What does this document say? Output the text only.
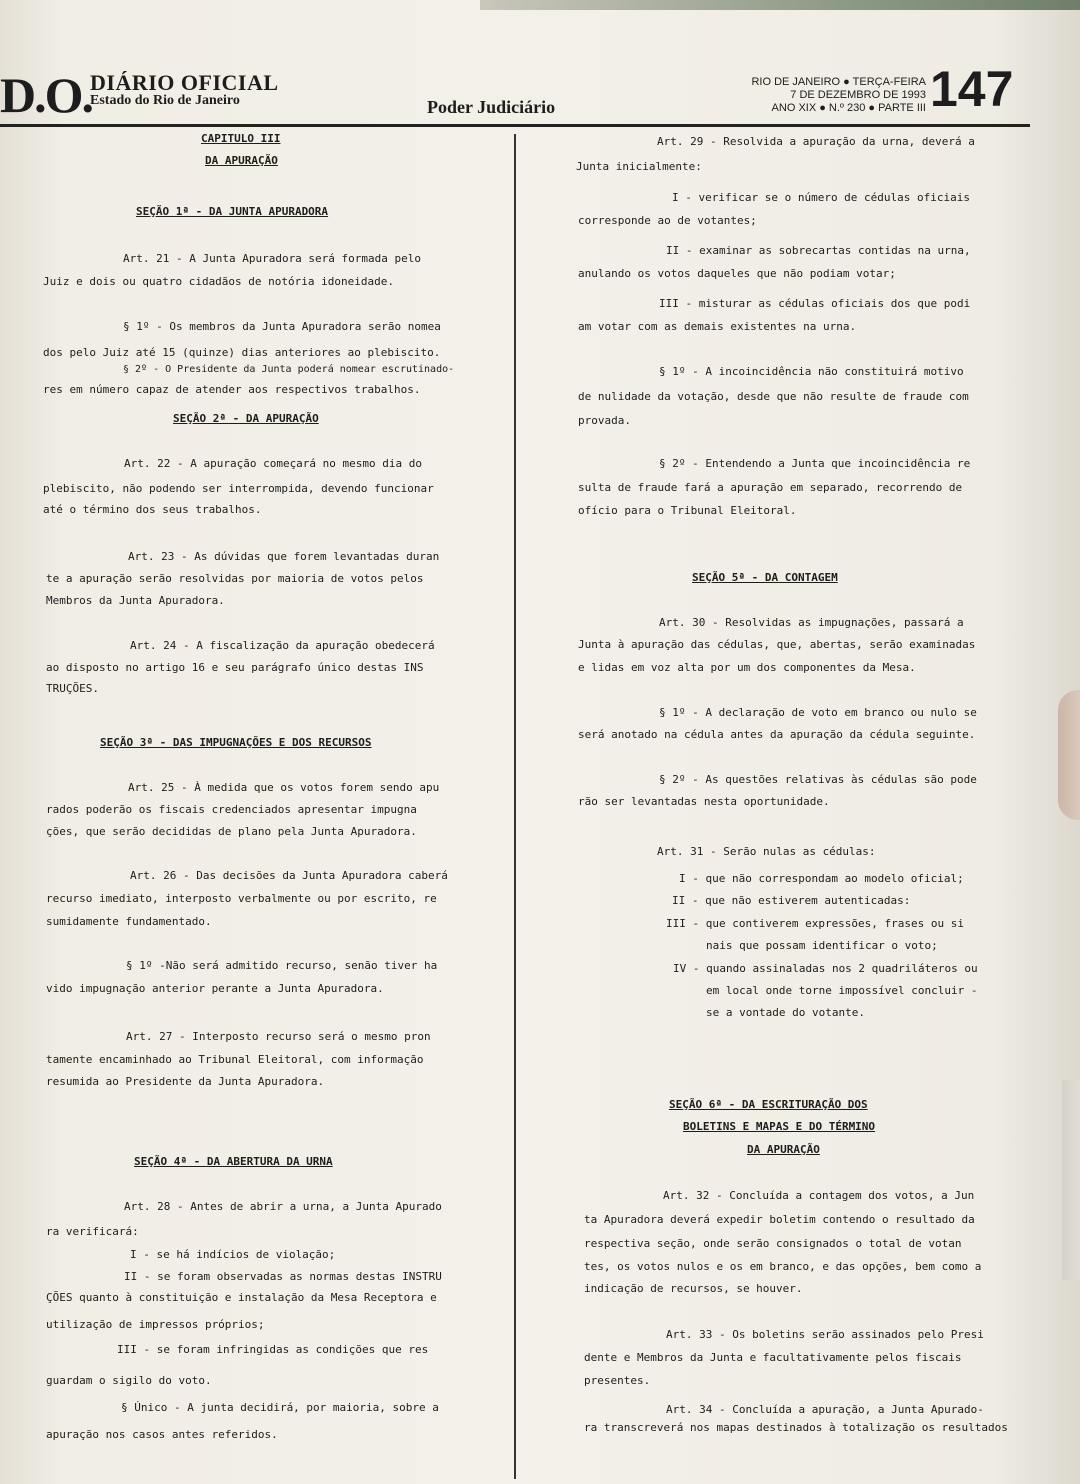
D.O.
DIÁRIO OFICIAL
Estado do Rio de Janeiro	Poder Judiciário
RIO DE JANEIRO ● TERÇA-FEIRA
7 DE DEZEMBRO DE 1993
ANO XIX ● N.º 230 ● PARTE III 147
CAPITULO III
DA APURAÇÃO
SEÇÃO 1ª - DA JUNTA APURADORA
Art. 21 - A Junta Apuradora será formada pelo
Juiz e dois ou quatro cidadãos de notória idoneidade.
§ 1º - Os membros da Junta Apuradora serão nomea
dos pelo Juiz até 15 (quinze) dias anteriores ao plebiscito.
§ 2º - O Presidente da Junta poderá nomear escrutinado-
res em número capaz de atender aos respectivos trabalhos.
SEÇÃO 2ª - DA APURAÇÃO
Art. 22 - A apuração começará no mesmo dia do
plebiscito, não podendo ser interrompida, devendo funcionar
até o término dos seus trabalhos.
Art. 23 - As dúvidas que forem levantadas duran
te a apuração serão resolvidas por maioria de votos pelos
Membros da Junta Apuradora.
Art. 24 - A fiscalização da apuração obedecerá
ao disposto no artigo 16 e seu parágrafo único destas INS
TRUÇÕES.
SEÇÃO 3ª - DAS IMPUGNAÇÕES E DOS RECURSOS
Art. 25 - À medida que os votos forem sendo apu
rados poderão os fiscais credenciados apresentar impugna
ções, que serão decididas de plano pela Junta Apuradora.
Art. 26 - Das decisões da Junta Apuradora caberá
recurso imediato, interposto verbalmente ou por escrito, re
sumidamente fundamentado.
§ 1º -Não será admitido recurso, senão tiver ha
vido impugnação anterior perante a Junta Apuradora.
Art. 27 - Interposto recurso será o mesmo pron
tamente encaminhado ao Tribunal Eleitoral, com informação
resumida ao Presidente da Junta Apuradora.
SEÇÃO 4ª - DA ABERTURA DA URNA
Art. 28 - Antes de abrir a urna, a Junta Apurado
ra verificará:
I - se há indícios de violação;
II - se foram observadas as normas destas INSTRU
ÇÕES quanto à constituição e instalação da Mesa Receptora e
utilização de impressos próprios;
III - se foram infringidas as condições que res
guardam o sigilo do voto.
§ Único - A junta decidirá, por maioria, sobre a
apuração nos casos antes referidos.
Art. 29 - Resolvida a apuração da urna, deverá a
Junta inicialmente:
I - verificar se o número de cédulas oficiais
corresponde ao de votantes;
II - examinar as sobrecartas contidas na urna,
anulando os votos daqueles que não podiam votar;
III - misturar as cédulas oficiais dos que podi
am votar com as demais existentes na urna.
§ 1º - A incoincidência não constituirá motivo
de nulidade da votação, desde que não resulte de fraude com
provada.
§ 2º - Entendendo a Junta que incoincidência re
sulta de fraude fará a apuração em separado, recorrendo de
ofício para o Tribunal Eleitoral.
SEÇÃO 5ª - DA CONTAGEM
Art. 30 - Resolvidas as impugnações, passará a
Junta à apuração das cédulas, que, abertas, serão examinadas
e lidas em voz alta por um dos componentes da Mesa.
§ 1º - A declaração de voto em branco ou nulo se
será anotado na cédula antes da apuração da cédula seguinte.
§ 2º - As questões relativas às cédulas são pode
rão ser levantadas nesta oportunidade.
Art. 31 - Serão nulas as cédulas:
I - que não correspondam ao modelo oficial;
II - que não estiverem autenticadas:
III - que contiverem expressões, frases ou si
nais que possam identificar o voto;
IV - quando assinaladas nos 2 quadriláteros ou
em local onde torne impossível concluir -
se a vontade do votante.
SEÇÃO 6ª - DA ESCRITURAÇÃO DOS
BOLETINS E MAPAS E DO TÉRMINO
DA APURAÇÃO
Art. 32 - Concluída a contagem dos votos, a Jun
ta Apuradora deverá expedir boletim contendo o resultado da
respectiva seção, onde serão consignados o total de votan
tes, os votos nulos e os em branco, e das opções, bem como a
indicação de recursos, se houver.
Art. 33 - Os boletins serão assinados pelo Presi
dente e Membros da Junta e facultativamente pelos fiscais
presentes.
Art. 34 - Concluída a apuração, a Junta Apurado-
ra transcreverá nos mapas destinados à totalização os resultados
